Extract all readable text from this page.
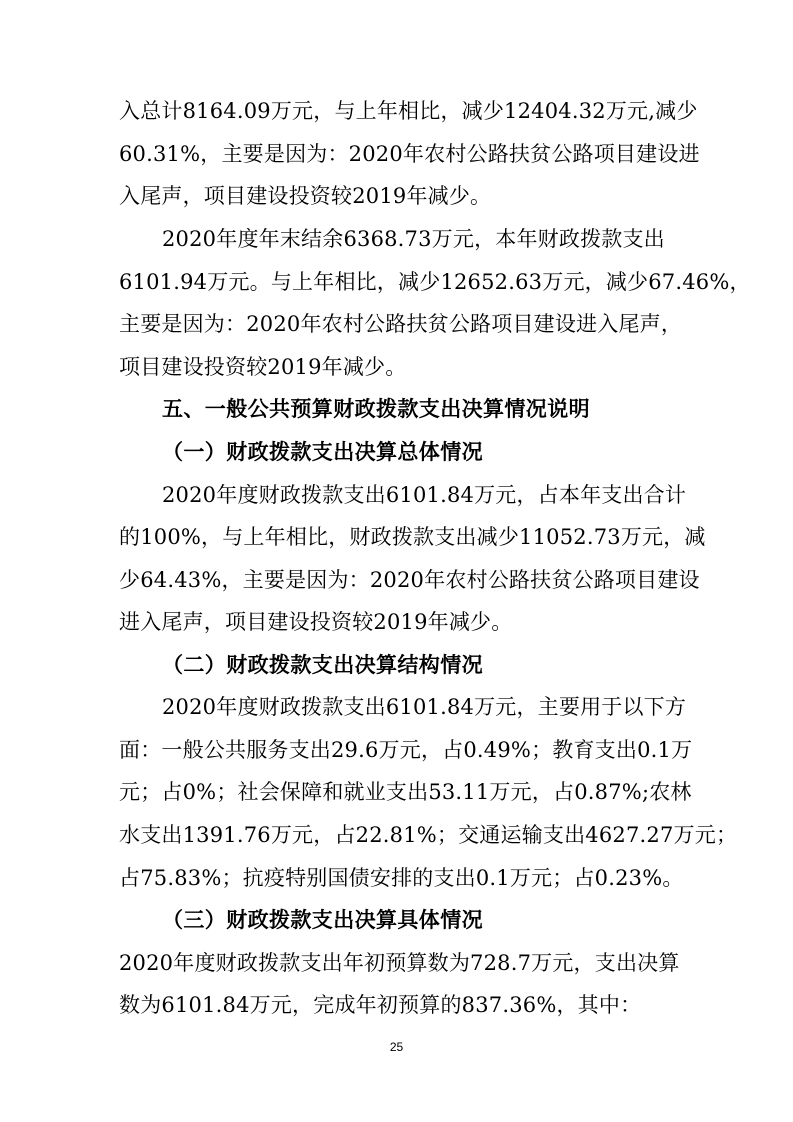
入总计8164.09万元，与上年相比，减少12404.32万元,减少
60.31%，主要是因为：2020年农村公路扶贫公路项目建设进
入尾声，项目建设投资较2019年减少。
2020年度年末结余6368.73万元，本年财政拨款支出
6101.94万元。与上年相比，减少12652.63万元，减少67.46%，
主要是因为：2020年农村公路扶贫公路项目建设进入尾声，
项目建设投资较2019年减少。
五、一般公共预算财政拨款支出决算情况说明
（一）财政拨款支出决算总体情况
2020年度财政拨款支出6101.84万元，占本年支出合计
的100%，与上年相比，财政拨款支出减少11052.73万元，减
少64.43%，主要是因为：2020年农村公路扶贫公路项目建设
进入尾声，项目建设投资较2019年减少。
（二）财政拨款支出决算结构情况
2020年度财政拨款支出6101.84万元，主要用于以下方
面：一般公共服务支出29.6万元，占0.49%；教育支出0.1万
元；占0%；社会保障和就业支出53.11万元，占0.87%;农林
水支出1391.76万元，占22.81%；交通运输支出4627.27万元；
占75.83%；抗疫特别国债安排的支出0.1万元；占0.23%。
（三）财政拨款支出决算具体情况
2020年度财政拨款支出年初预算数为728.7万元，支出决算
数为6101.84万元，完成年初预算的837.36%，其中：
25
